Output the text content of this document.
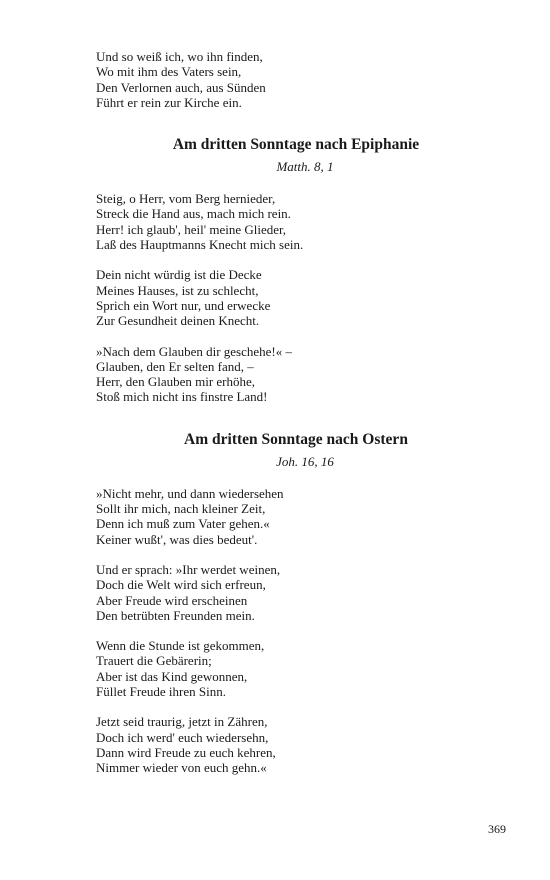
Und so weiß ich, wo ihn finden,
Wo mit ihm des Vaters sein,
Den Verlornen auch, aus Sünden
Führt er rein zur Kirche ein.

Am dritten Sonntage nach Epiphanie
Matth. 8, 1

Steig, o Herr, vom Berg hernieder,
Streck die Hand aus, mach mich rein.
Herr! ich glaub', heil' meine Glieder,
Laß des Hauptmanns Knecht mich sein.

Dein nicht würdig ist die Decke
Meines Hauses, ist zu schlecht,
Sprich ein Wort nur, und erwecke
Zur Gesundheit deinen Knecht.

»Nach dem Glauben dir geschehe!« –
Glauben, den Er selten fand, –
Herr, den Glauben mir erhöhe,
Stoß mich nicht ins finstre Land!

Am dritten Sonntage nach Ostern
Joh. 16, 16

»Nicht mehr, und dann wiedersehen
Sollt ihr mich, nach kleiner Zeit,
Denn ich muß zum Vater gehen.«
Keiner wußt', was dies bedeut'.

Und er sprach: »Ihr werdet weinen,
Doch die Welt wird sich erfreun,
Aber Freude wird erscheinen
Den betrübten Freunden mein.

Wenn die Stunde ist gekommen,
Trauert die Gebärerin;
Aber ist das Kind gewonnen,
Füllet Freude ihren Sinn.

Jetzt seid traurig, jetzt in Zähren,
Doch ich werd' euch wiedersehn,
Dann wird Freude zu euch kehren,
Nimmer wieder von euch gehn.«

369
